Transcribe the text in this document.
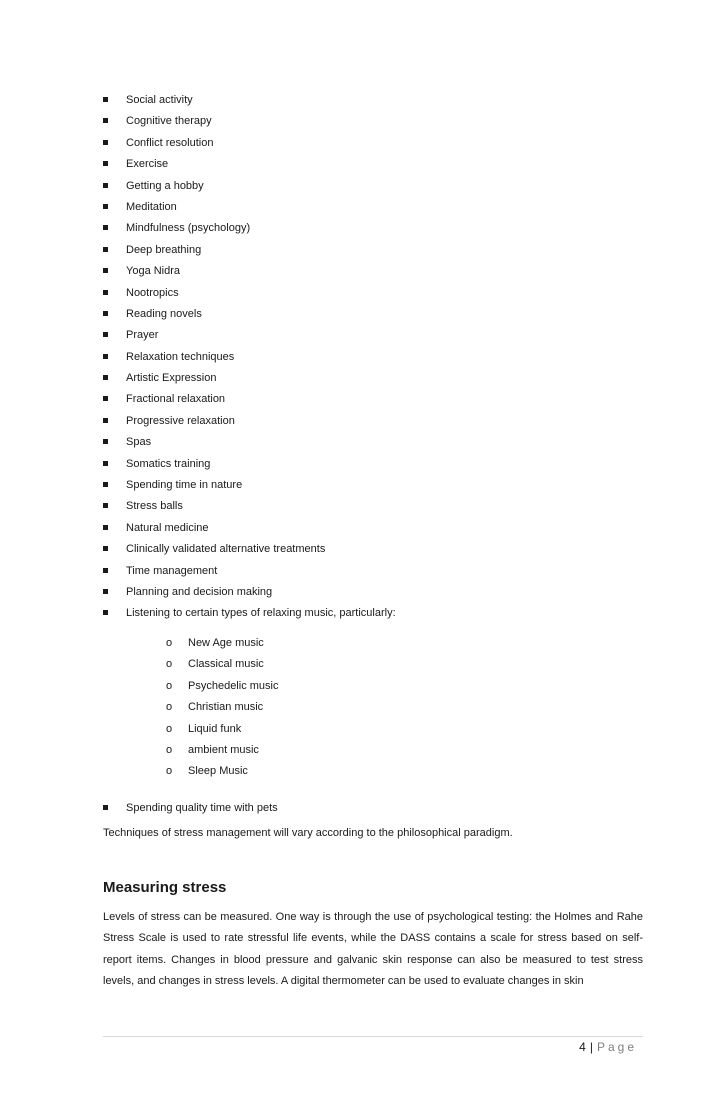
Social activity
Cognitive therapy
Conflict resolution
Exercise
Getting a hobby
Meditation
Mindfulness (psychology)
Deep breathing
Yoga Nidra
Nootropics
Reading novels
Prayer
Relaxation techniques
Artistic Expression
Fractional relaxation
Progressive relaxation
Spas
Somatics training
Spending time in nature
Stress balls
Natural medicine
Clinically validated alternative treatments
Time management
Planning and decision making
Listening to certain types of relaxing music, particularly:
o New Age music
o Classical music
o Psychedelic music
o Christian music
o Liquid funk
o ambient music
o Sleep Music
Spending quality time with pets
Techniques of stress management will vary according to the philosophical paradigm.
Measuring stress

Levels of stress can be measured. One way is through the use of psychological testing: the Holmes and Rahe Stress Scale is used to rate stressful life events, while the DASS contains a scale for stress based on self-report items. Changes in blood pressure and galvanic skin response can also be measured to test stress levels, and changes in stress levels. A digital thermometer can be used to evaluate changes in skin

4 | Page
